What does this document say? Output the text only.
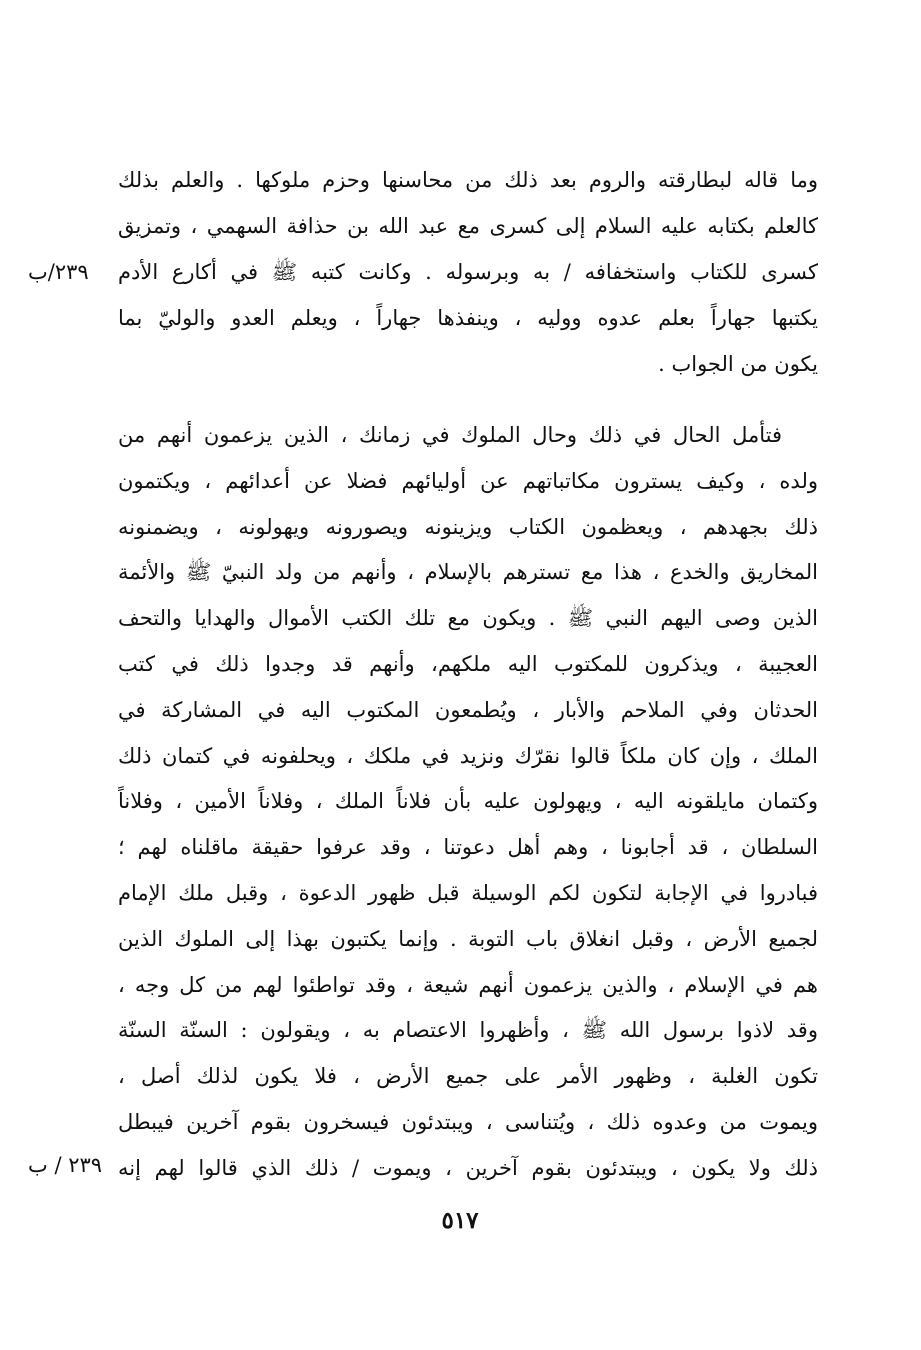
وما قاله لبطارقته والروم بعد ذلك من محاسنها وحزم ملوكها . والعلم بذلك
كالعلم بكتابه عليه السلام إلى كسرى مع عبد الله بن حذافة السهمي ، وتمزيق
كسرى للكتاب واستخفافه / به وبرسوله . وكانت كتبه ﷺ في أكارع الأدم
يكتبها جهاراً بعلم عدوه ووليه ، وينفذها جهاراً ، ويعلم العدو والوليّ بما
يكون من الجواب .
٢٣٩/ب
فتأمل الحال في ذلك وحال الملوك في زمانك ، الذين يزعمون أنهم من
ولده ، وكيف يسترون مكاتباتهم عن أوليائهم فضلا عن أعدائهم ، ويكتمون
ذلك بجهدهم ، ويعظمون الكتاب ويزينونه ويصورونه ويهولونه ، ويضمنونه
المخاريق والخدع ، هذا مع تسترهم بالإسلام ، وأنهم من ولد النبيّ ﷺ والأئمة
الذين وصى اليهم النبي ﷺ . ويكون مع تلك الكتب الأموال والهدايا والتحف
العجيبة ، ويذكرون للمكتوب اليه ملكهم، وأنهم قد وجدوا ذلك في كتب
الحدثان وفي الملاحم والأبار ، ويُطمعون المكتوب اليه في المشاركة في
الملك ، وإن كان ملكاً قالوا نقرّك ونزيد في ملكك ، ويحلفونه في كتمان ذلك
وكتمان مايلقونه اليه ، ويهولون عليه بأن فلاناً الملك ، وفلاناً الأمين ، وفلاناً
السلطان ، قد أجابونا ، وهم أهل دعوتنا ، وقد عرفوا حقيقة ماقلناه لهم ؛
فبادروا في الإجابة لتكون لكم الوسيلة قبل ظهور الدعوة ، وقبل ملك الإمام
لجميع الأرض ، وقبل انغلاق باب التوبة . وإنما يكتبون بهذا إلى الملوك الذين
هم في الإسلام ، والذين يزعمون أنهم شيعة ، وقد تواطئوا لهم من كل وجه ،
وقد لاذوا برسول الله ﷺ ، وأظهروا الاعتصام به ، ويقولون : السنّة السنّة
تكون الغلبة ، وظهور الأمر على جميع الأرض ، فلا يكون لذلك أصل ،
ويموت من وعدوه ذلك ، ويُتناسى ، ويبتدئون فيسخرون بقوم آخرين فيبطل
ذلك ولا يكون ، ويبتدئون بقوم آخرين ، ويموت / ذلك الذي قالوا لهم إنه
٢٣٩ / ب
٥١٧
